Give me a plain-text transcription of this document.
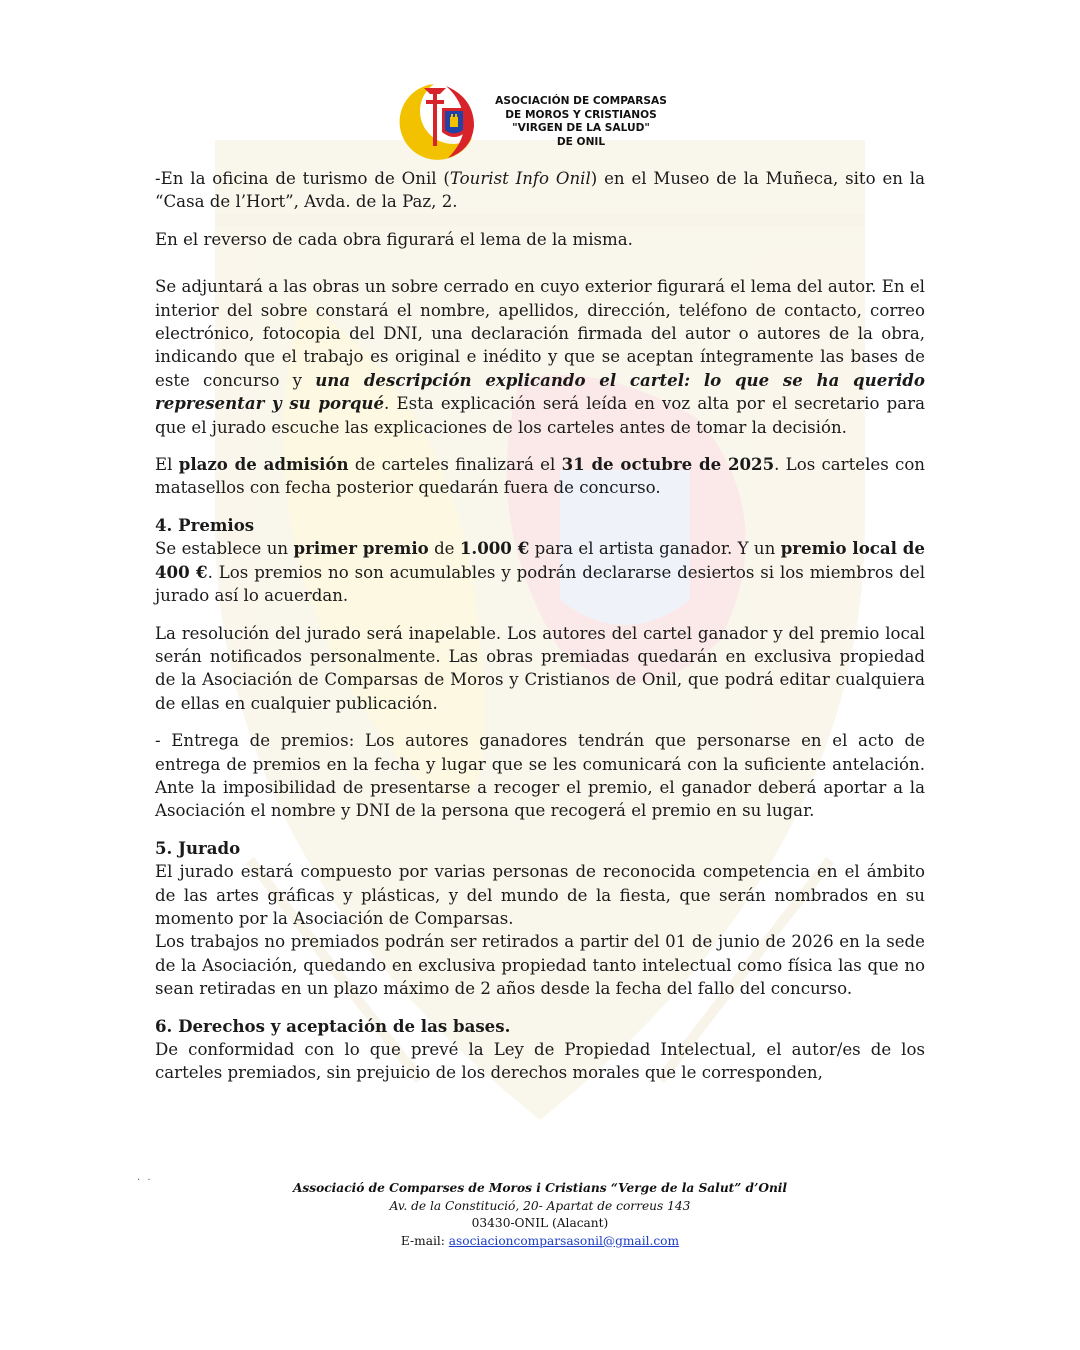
ASOCIACIÓN DE COMPARSAS
DE MOROS Y CRISTIANOS
"VIRGEN DE LA SALUD"
DE ONIL

-En la oficina de turismo de Onil (Tourist Info Onil) en el Museo de la Muñeca, sito en la “Casa de l’Hort”, Avda. de la Paz, 2.

En el reverso de cada obra figurará el lema de la misma.

Se adjuntará a las obras un sobre cerrado en cuyo exterior figurará el lema del autor. En el interior del sobre constará el nombre, apellidos, dirección, teléfono de contacto, correo electrónico, fotocopia del DNI, una declaración firmada del autor o autores de la obra, indicando que el trabajo es original e inédito y que se aceptan íntegramente las bases de este concurso y una descripción explicando el cartel: lo que se ha querido representar y su porqué. Esta explicación será leída en voz alta por el secretario para que el jurado escuche las explicaciones de los carteles antes de tomar la decisión.

El plazo de admisión de carteles finalizará el 31 de octubre de 2025. Los carteles con matasellos con fecha posterior quedarán fuera de concurso.

4. Premios

Se establece un primer premio de 1.000 € para el artista ganador. Y un premio local de 400 €. Los premios no son acumulables y podrán declararse desiertos si los miembros del jurado así lo acuerdan.

La resolución del jurado será inapelable. Los autores del cartel ganador y del premio local serán notificados personalmente. Las obras premiadas quedarán en exclusiva propiedad de la Asociación de Comparsas de Moros y Cristianos de Onil, que podrá editar cualquiera de ellas en cualquier publicación.

- Entrega de premios: Los autores ganadores tendrán que personarse en el acto de entrega de premios en la fecha y lugar que se les comunicará con la suficiente antelación. Ante la imposibilidad de presentarse a recoger el premio, el ganador deberá aportar a la Asociación el nombre y DNI de la persona que recogerá el premio en su lugar.

5. Jurado

El jurado estará compuesto por varias personas de reconocida competencia en el ámbito de las artes gráficas y plásticas, y del mundo de la fiesta, que serán nombrados en su momento por la Asociación de Comparsas.

Los trabajos no premiados podrán ser retirados a partir del 01 de junio de 2026 en la sede de la Asociación, quedando en exclusiva propiedad tanto intelectual como física las que no sean retiradas en un plazo máximo de 2 años desde la fecha del fallo del concurso.

6. Derechos y aceptación de las bases.

De conformidad con lo que prevé la Ley de Propiedad Intelectual, el autor/es de los carteles premiados, sin prejuicio de los derechos morales que le corresponden,

. .
Associació de Comparses de Moros i Cristians “Verge de la Salut” d’Onil
Av. de la Constitució, 20- Apartat de correus 143
03430-ONIL (Alacant)
E-mail: asociacioncomparsasonil@gmail.com
